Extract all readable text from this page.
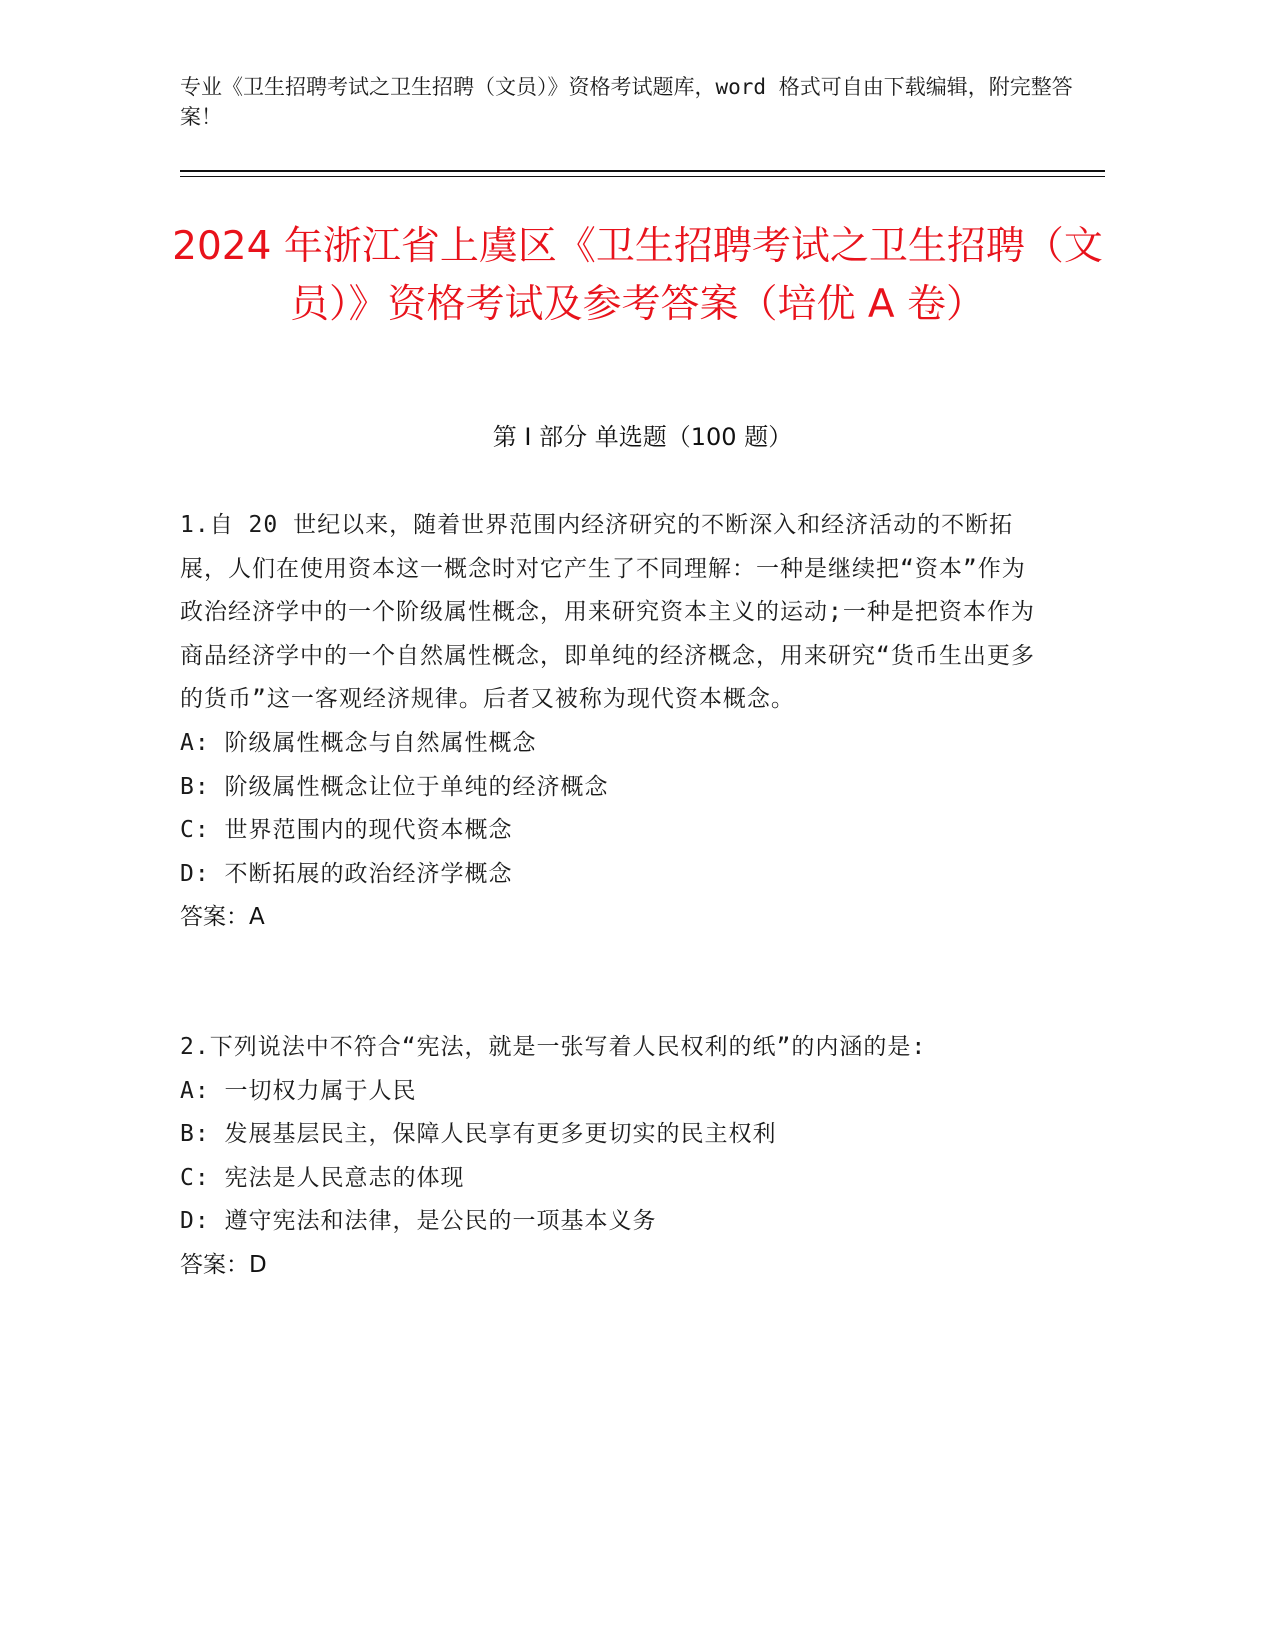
专业《卫生招聘考试之卫生招聘（文员）》资格考试题库，word 格式可自由下载编辑，附完整答案！
2024 年浙江省上虞区《卫生招聘考试之卫生招聘（文员）》资格考试及参考答案（培优 A 卷）
第 I 部分 单选题（100 题）
1.自 20 世纪以来，随着世界范围内经济研究的不断深入和经济活动的不断拓展，人们在使用资本这一概念时对它产生了不同理解：一种是继续把“资本”作为政治经济学中的一个阶级属性概念，用来研究资本主义的运动;一种是把资本作为商品经济学中的一个自然属性概念，即单纯的经济概念，用来研究“货币生出更多的货币”这一客观经济规律。后者又被称为现代资本概念。
A: 阶级属性概念与自然属性概念
B: 阶级属性概念让位于单纯的经济概念
C: 世界范围内的现代资本概念
D: 不断拓展的政治经济学概念
答案：A
2.下列说法中不符合“宪法，就是一张写着人民权利的纸”的内涵的是:
A: 一切权力属于人民
B: 发展基层民主，保障人民享有更多更切实的民主权利
C: 宪法是人民意志的体现
D: 遵守宪法和法律，是公民的一项基本义务
答案：D
